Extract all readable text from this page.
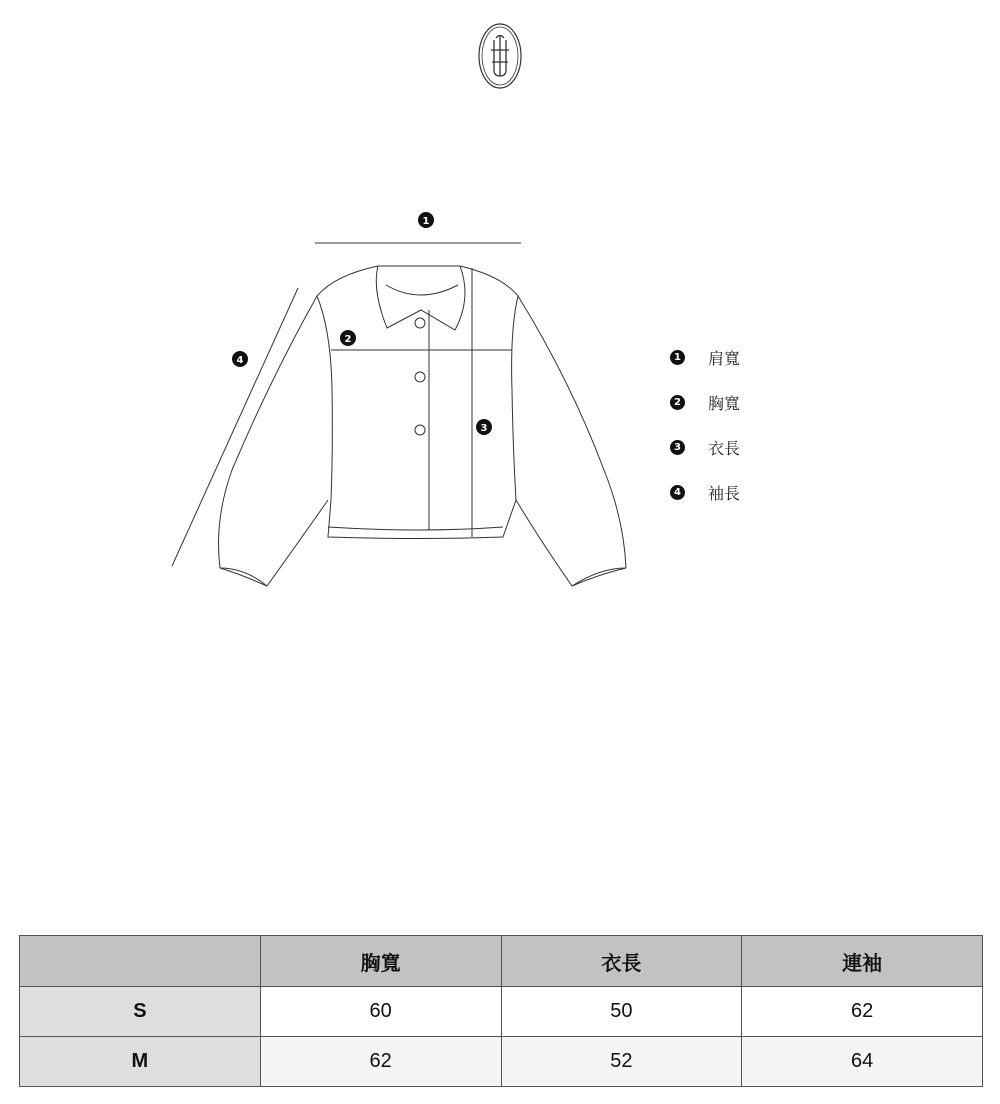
1
2
3
4	1 肩寬
2 胸寬
3 衣長
4 袖長
	胸寬	衣長	連袖
S	60	50	62
M	62	52	64
